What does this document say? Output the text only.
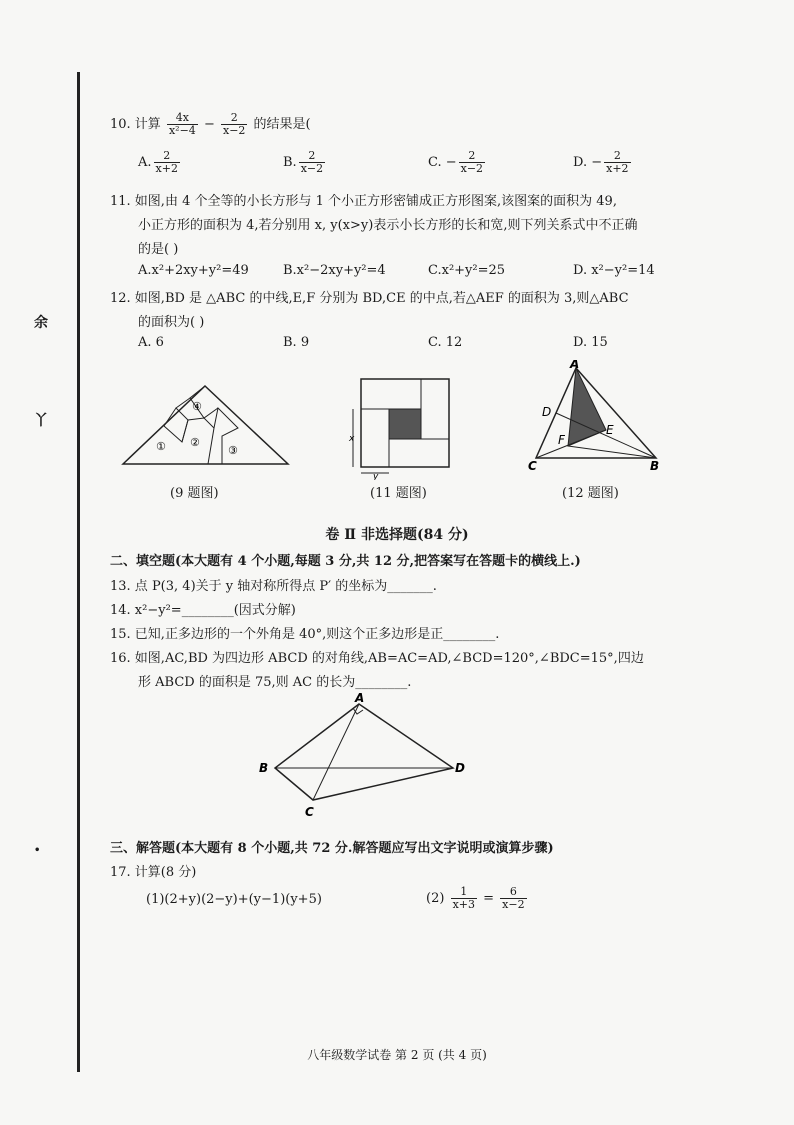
余
丫
•
10. 计算 $\frac{4x}{\text{x²−4}} - \frac{2}{x-2}$ 的结果是(
A. $\frac{2}{x+2}$	B. $\frac{2}{x-2}$	C. − $\frac{2}{x-2}$	D. − $\frac{2}{x+2}$
11. 如图,由 4 个全等的小长方形与 1 个小正方形密铺成正方形图案,该图案的面积为 49,
小正方形的面积为 4,若分别用 x, y(x>y)表示小长方形的长和宽,则下列关系式中不正确
的是( )
A.x²+2xy+y²=49	B.x²−2xy+y²=4	C.x²+y²=25	D. x²−y²=14
12. 如图,BD 是 △ABC 的中线,E,F 分别为 BD,CE 的中点,若△AEF 的面积为 3,则△ABC
的面积为( )
A. 6	B. 9	C. 12	D. 15
① ②
③
④
(9 题图)
x
y
(11 题图)
A
D
F
E
C	B
(12 题图)
卷 Ⅱ 非选择题(84 分)
二、填空题(本大题有 4 个小题,每题 3 分,共 12 分,把答案写在答题卡的横线上.)
13. 点 P(3, 4)关于 y 轴对称所得点 P′ 的坐标为_______.
14. x²−y²=________(因式分解)
15. 已知,正多边形的一个外角是 40°,则这个正多边形是正________.
16. 如图,AC,BD 为四边形 ABCD 的对角线,AB=AC=AD,∠BCD=120°,∠BDC=15°,四边
形 ABCD 的面积是 75,则 AC 的长为________.
A
B
C
D
三、解答题(本大题有 8 个小题,共 72 分.解答题应写出文字说明或演算步骤)
17. 计算(8 分)
(1)(2+y)(2−y)+(y−1)(y+5)	$(2) \frac{1}{x+3} = \frac{6}{x-2}$
八年级数学试卷 第 2 页 (共 4 页)
